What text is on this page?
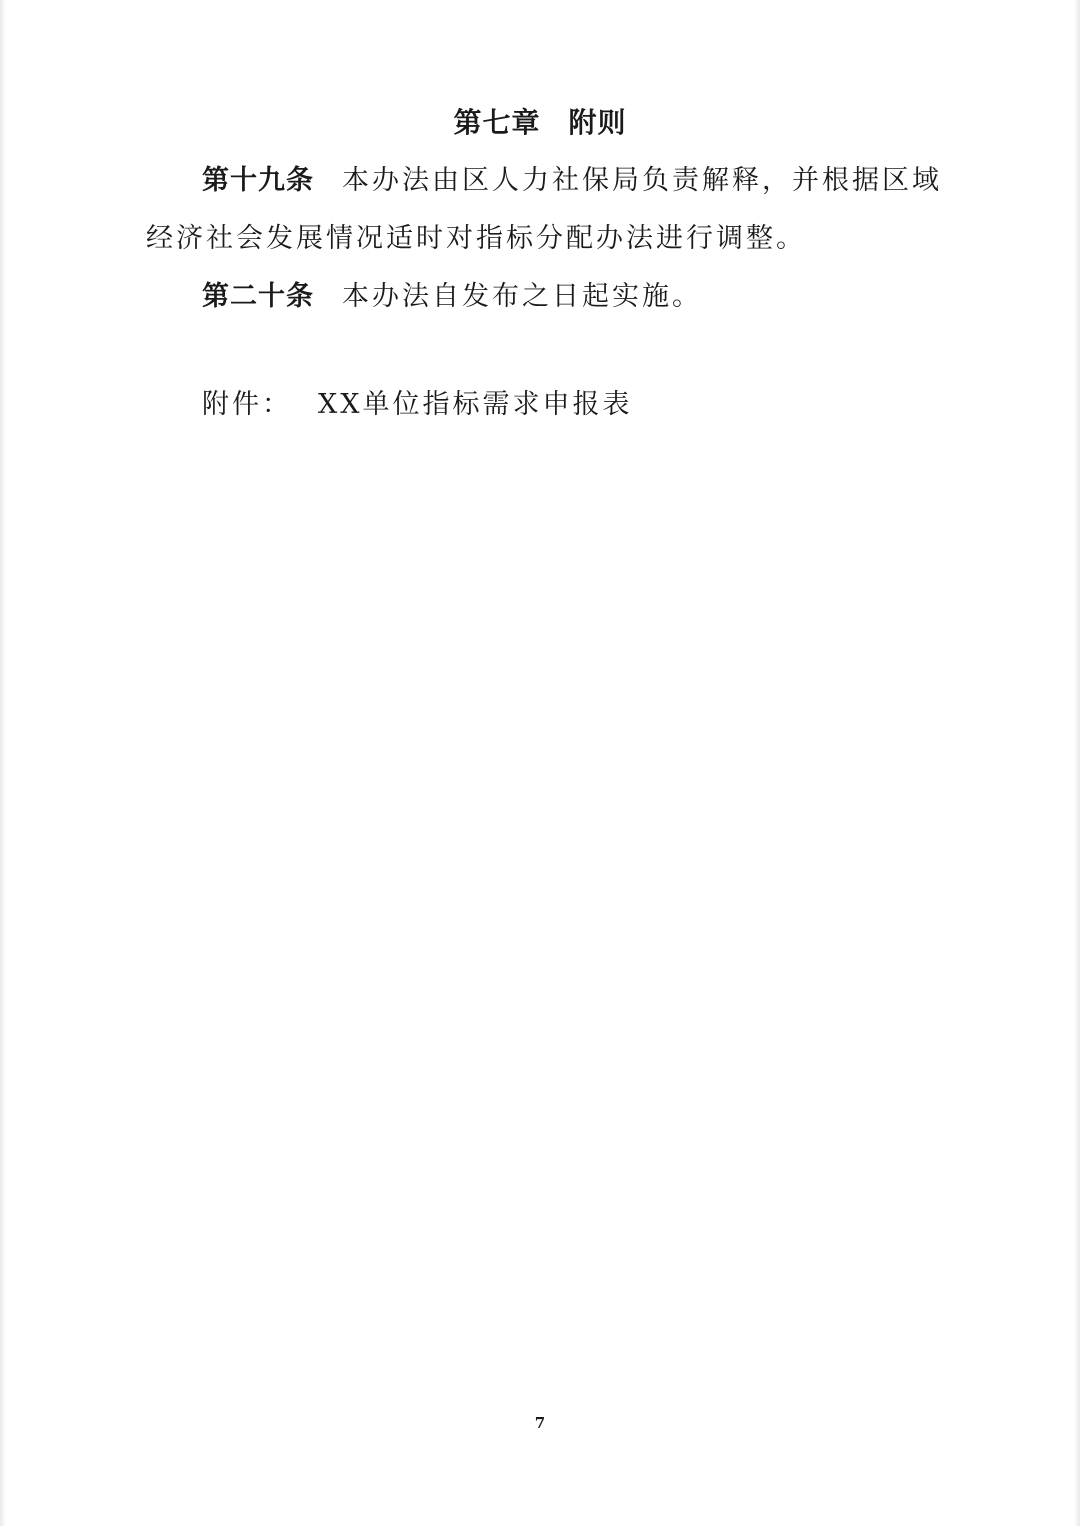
第七章 附则
第十九条 本办法由区人力社保局负责解释，并根据区域经济社会发展情况适时对指标分配办法进行调整。
第二十条 本办法自发布之日起实施。
附件： XX单位指标需求申报表
7
